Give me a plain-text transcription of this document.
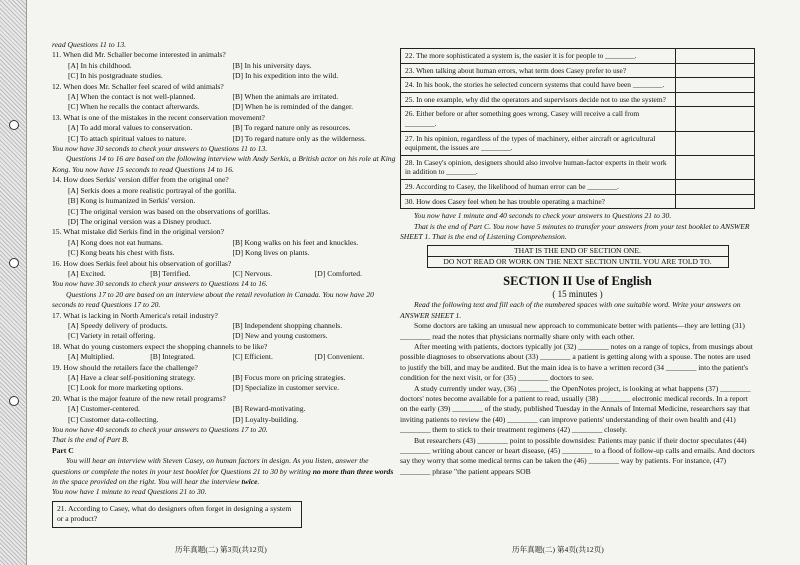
read Questions 11 to 13.

11. When did Mr. Schaller become interested in animals?

[A] In his childhood.	[B] In his university days.
[C] In his postgraduate studies.	[D] In his expedition into the wild.

12. When does Mr. Schaller feel scared of wild animals?

[A] When the contact is not well-planned.	[B] When the animals are irritated.
[C] When he recalls the contact afterwards.	[D] When he is reminded of the danger.

13. What is one of the mistakes in the recent conservation movement?

[A] To add moral values to conservation.	[B] To regard nature only as resources.
[C] To attach spiritual values to nature.	[D] To regard nature only as the wilderness.

You now have 30 seconds to check your answers to Questions 11 to 13.

Questions 14 to 16 are based on the following interview with Andy Serkis, a British actor on his role at King Kong. You now have 15 seconds to read Questions 14 to 16.

14. How does Serkis' version differ from the original one?

[A] Serkis does a more realistic portrayal of the gorilla.
[B] Kong is humanized in Serkis' version.
[C] The original version was based on the observations of gorillas.
[D] The original version was a Disney product.

15. What mistake did Serkis find in the original version?

[A] Kong does not eat humans.	[B] Kong walks on his feet and knuckles.
[C] Kong beats his chest with fists.	[D] Kong lives on plants.

16. How does Serkis feel about his observation of gorillas?

[A] Excited.	[B] Terrified.	[C] Nervous.	[D] Comforted.

You now have 30 seconds to check your answers to Questions 14 to 16.

Questions 17 to 20 are based on an interview about the retail revolution in Canada. You now have 20 seconds to read Questions 17 to 20.

17. What is lacking in North America's retail industry?

[A] Speedy delivery of products.	[B] Independent shopping channels.
[C] Variety in retail offering.	[D] New and young customers.

18. What do young customers expect the shopping channels to be like?

[A] Multiplied.	[B] Integrated.	[C] Efficient.	[D] Convenient.

19. How should the retailers face the challenge?

[A] Have a clear self-positioning strategy.	[B] Focus more on pricing strategies.
[C] Look for more marketing options.	[D] Specialize in customer service.

20. What is the major feature of the new retail programs?

[A] Customer-centered.	[B] Reward-motivating.
[C] Customer data-collecting.	[D] Loyalty-building.

You now have 40 seconds to check your answers to Questions 17 to 20.

That is the end of Part B.

Part C

You will hear an interview with Steven Casey, on human factors in design. As you listen, answer the questions or complete the notes in your test booklet for Questions 21 to 30 by writing no more than three words in the space provided on the right. You will hear the interview twice.

You now have 1 minute to read Questions 21 to 30.

21. According to Casey, what do designers often forget in designing a system or a product?
22. The more sophisticated a system is, the easier it is for people to ________.	
23. When talking about human errors, what term does Casey prefer to use?	
24. In his book, the stories he selected concern systems that could have been ________.	
25. In one example, why did the operators and supervisors decide not to use the system?	
26. Either before or after something goes wrong, Casey will receive a call from ________.	
27. In his opinion, regardless of the types of machinery, either aircraft or agricultural equipment, the issues are ________.	
28. In Casey's opinion, designers should also involve human-factor experts in their work in addition to ________.	
29. According to Casey, the likelihood of human error can be ________.	
30. How does Casey feel when he has trouble operating a machine?	

You now have 1 minute and 40 seconds to check your answers to Questions 21 to 30.

That is the end of Part C. You now have 5 minutes to transfer your answers from your test booklet to ANSWER SHEET 1. That is the end of Listening Comprehension.

THAT IS THE END OF SECTION ONE.
DO NOT READ OR WORK ON THE NEXT SECTION UNTIL YOU ARE TOLD TO.
SECTION II Use of English
( 15 minutes )

Read the following text and fill each of the numbered spaces with one suitable word. Write your answers on ANSWER SHEET 1.

Some doctors are taking an unusual new approach to communicate better with patients—they are letting (31) ________ read the notes that physicians normally share only with each other.

After meeting with patients, doctors typically jot (32) ________ notes on a range of topics, from musings about possible diagnoses to observations about (33) ________ a patient is getting along with a spouse. The notes are used to justify the bill, and may be audited. But the main idea is to have a written record (34 ________ into the patient's condition for the next visit, or for (35) ________ doctors to see.

A study currently under way, (36) ________ the OpenNotes project, is looking at what happens (37) ________ doctors' notes become available for a patient to read, usually (38) ________ electronic medical records. In a report on the early (39) ________ of the study, published Tuesday in the Annals of Internal Medicine, researchers say that inviting patients to review the (40) ________ can improve patients' understanding of their own health and (41) ________ them to stick to their treatment regimens (42) ________ closely.

But researchers (43) ________ point to possible downsides: Patients may panic if their doctor speculates (44) ________ writing about cancer or heart disease, (45) ________ to a flood of follow-up calls and emails. And doctors say they worry that some medical terms can be taken the (46) ________ way by patients. For instance, (47) ________ phrase "the patient appears SOB

历年真题(二) 第3页(共12页)	历年真题(二) 第4页(共12页)
